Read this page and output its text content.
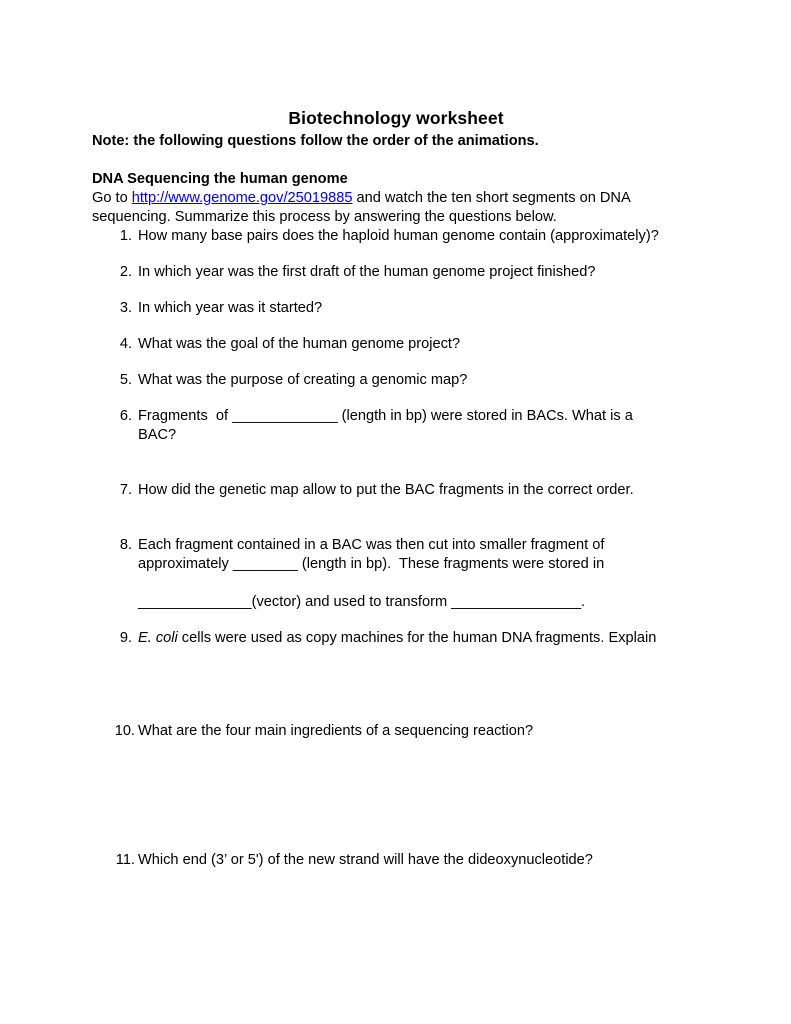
Biotechnology worksheet

Note: the following questions follow the order of the animations.

DNA Sequencing the human genome

Go to http://www.genome.gov/25019885 and watch the ten short segments on DNA

sequencing. Summarize this process by answering the questions below.

1. How many base pairs does the haploid human genome contain (approximately)?
2. In which year was the first draft of the human genome project finished?
3. In which year was it started?
4. What was the goal of the human genome project?
5. What was the purpose of creating a genomic map?
6. Fragments  of _____________ (length in bp) were stored in BACs. What is a
BAC?
7. How did the genetic map allow to put the BAC fragments in the correct order.
8. Each fragment contained in a BAC was then cut into smaller fragment of
approximately ________ (length in bp).  These fragments were stored in
______________(vector) and used to transform ________________.
9. E. coli cells were used as copy machines for the human DNA fragments. Explain
10. What are the four main ingredients of a sequencing reaction?
11. Which end (3’ or 5') of the new strand will have the dideoxynucleotide?
